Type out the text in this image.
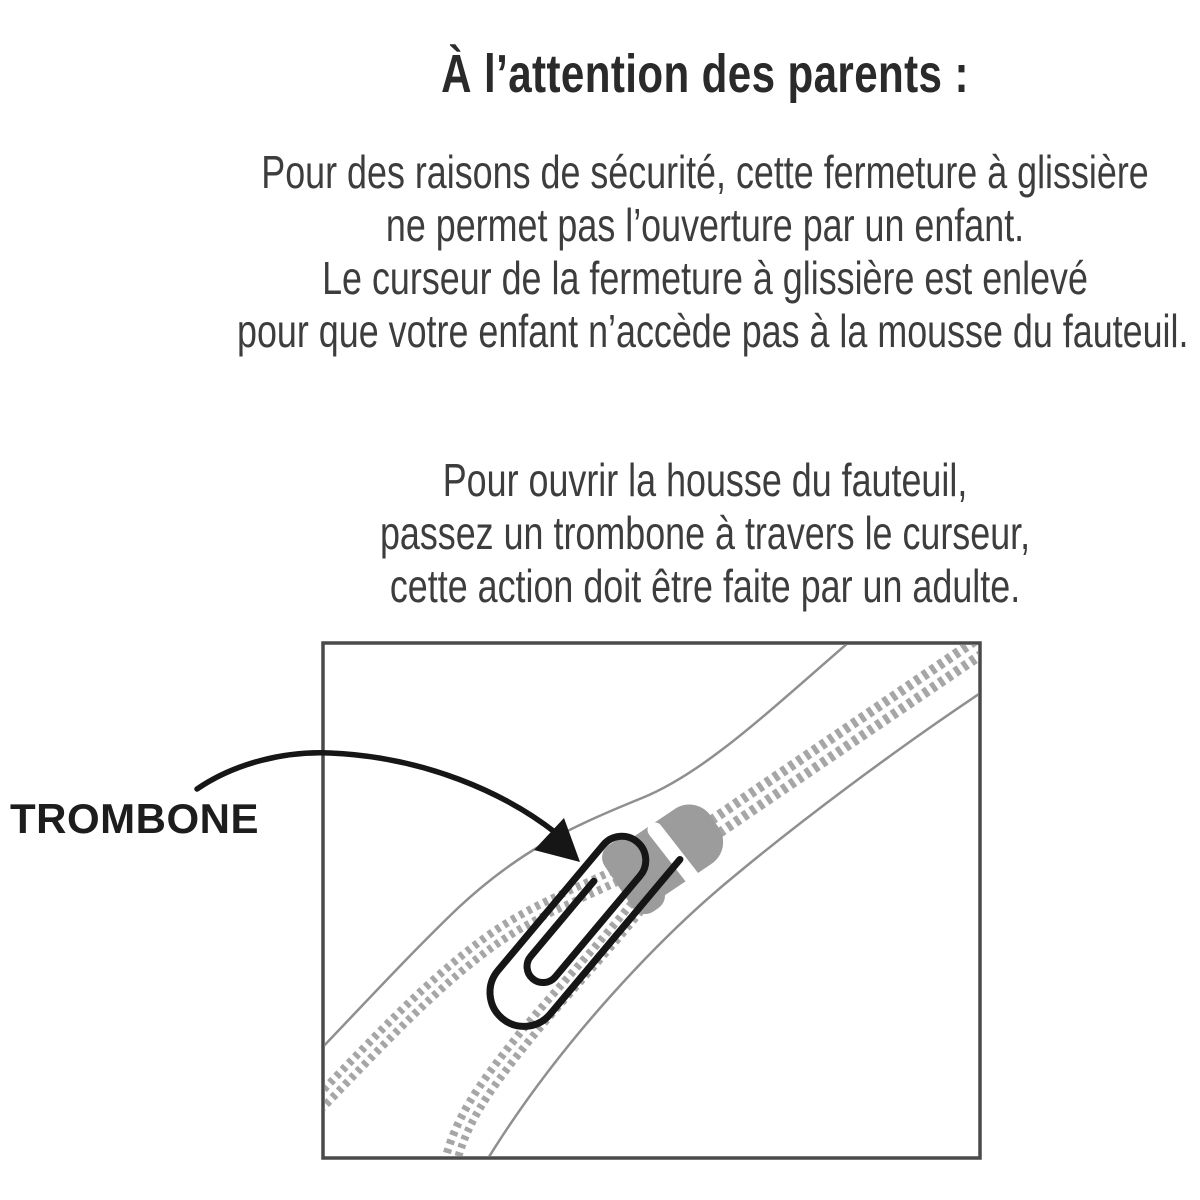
À l’attention des parents :
Pour des raisons de sécurité, cette fermeture à glissière
ne permet pas l’ouverture par un enfant.
Le curseur de la fermeture à glissière est enlevé
pour que votre enfant n’accède pas à la mousse du fauteuil.
Pour ouvrir la housse du fauteuil,
passez un trombone à travers le curseur,
cette action doit être faite par un adulte.
TROMBONE
